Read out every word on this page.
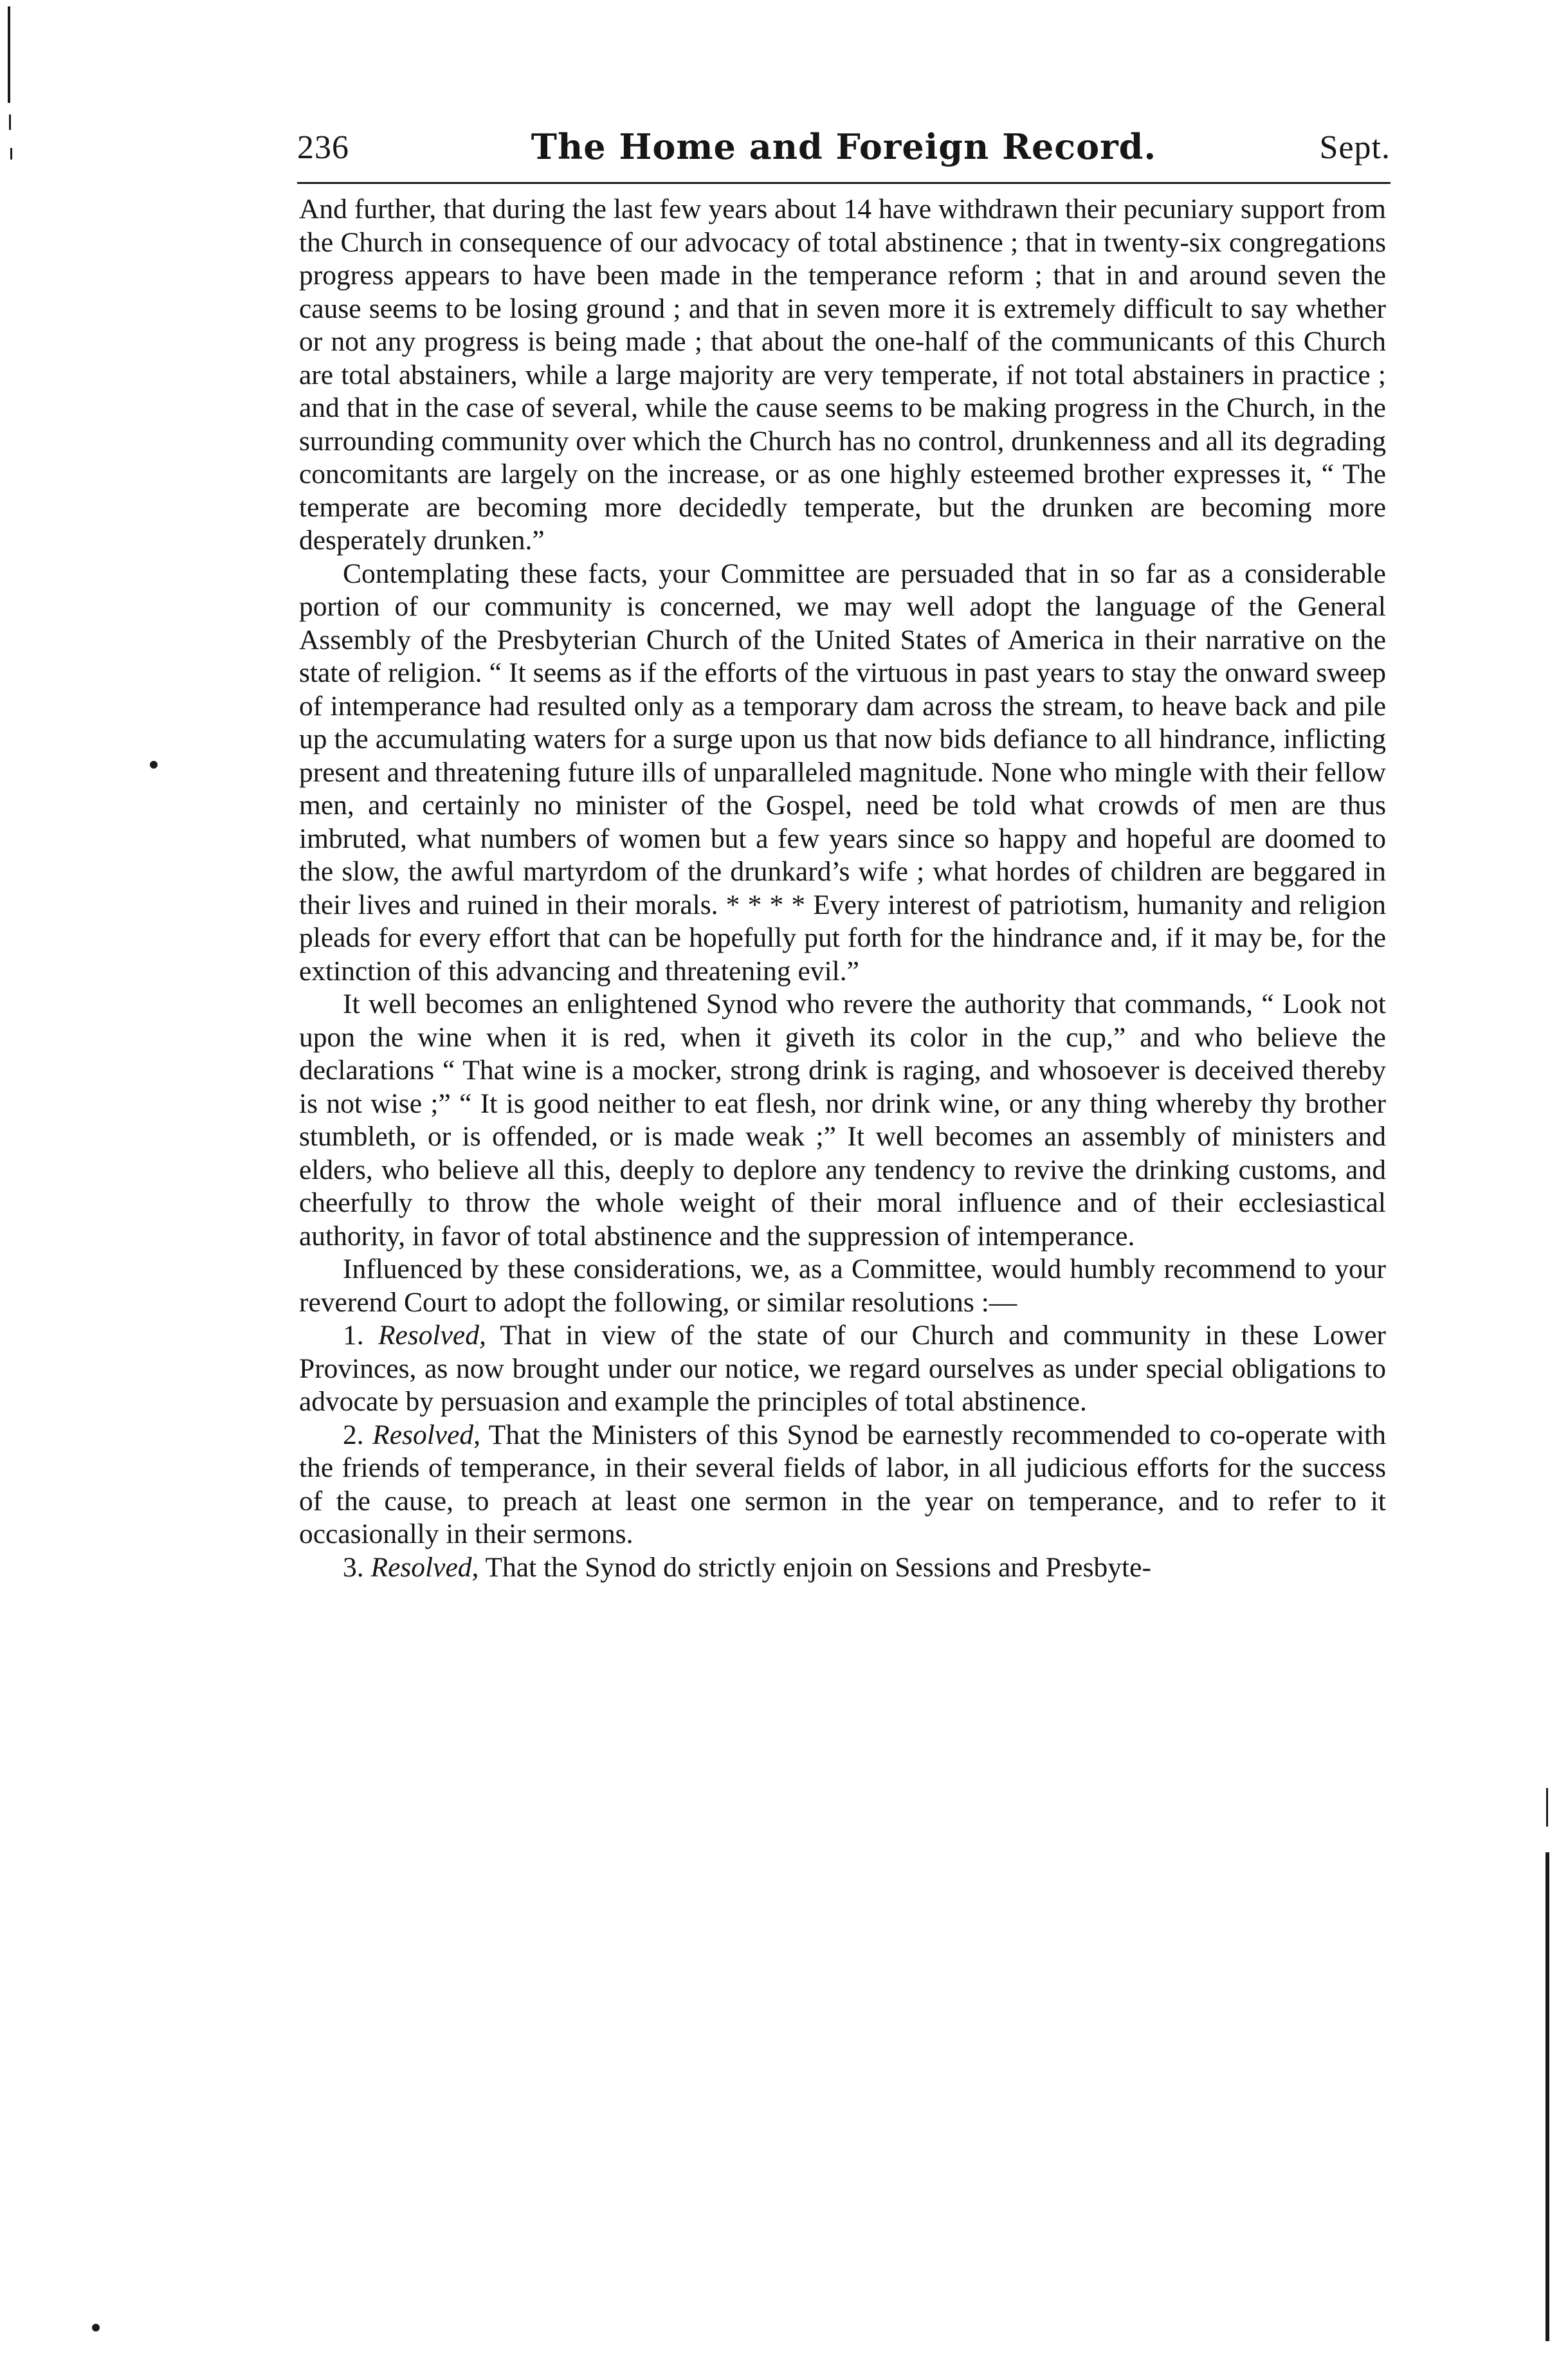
236	The Home and Foreign Record.	Sept.

And further, that during the last few years about 14 have withdrawn their pecuniary support from the Church in consequence of our advocacy of total abstinence ; that in twenty-six congregations progress appears to have been made in the temperance reform ; that in and around seven the cause seems to be losing ground ; and that in seven more it is extremely difficult to say whether or not any progress is being made ; that about the one-half of the communicants of this Church are total abstainers, while a large majority are very temperate, if not total abstainers in practice ; and that in the case of several, while the cause seems to be making progress in the Church, in the surrounding community over which the Church has no control, drunkenness and all its degrading concomitants are largely on the increase, or as one highly esteemed brother expresses it, “ The temperate are becoming more decidedly temperate, but the drunken are becoming more desperately drunken.”

Contemplating these facts, your Committee are persuaded that in so far as a considerable portion of our community is concerned, we may well adopt the language of the General Assembly of the Presbyterian Church of the United States of America in their narrative on the state of religion. “ It seems as if the efforts of the virtuous in past years to stay the onward sweep of intemperance had resulted only as a temporary dam across the stream, to heave back and pile up the accumulating waters for a surge upon us that now bids defiance to all hindrance, inflicting present and threatening future ills of unparalleled magnitude. None who mingle with their fellow men, and certainly no minister of the Gospel, need be told what crowds of men are thus imbruted, what numbers of women but a few years since so happy and hopeful are doomed to the slow, the awful martyrdom of the drunkard’s wife ; what hordes of children are beggared in their lives and ruined in their morals. * * * * Every interest of patriotism, humanity and religion pleads for every effort that can be hopefully put forth for the hindrance and, if it may be, for the extinction of this advancing and threatening evil.”

It well becomes an enlightened Synod who revere the authority that commands, “ Look not upon the wine when it is red, when it giveth its color in the cup,” and who believe the declarations “ That wine is a mocker, strong drink is raging, and whosoever is deceived thereby is not wise ;” “ It is good neither to eat flesh, nor drink wine, or any thing whereby thy brother stumbleth, or is offended, or is made weak ;” It well becomes an assembly of ministers and elders, who believe all this, deeply to deplore any tendency to revive the drinking customs, and cheerfully to throw the whole weight of their moral influence and of their ecclesiastical authority, in favor of total abstinence and the suppression of intemperance.

Influenced by these considerations, we, as a Committee, would humbly recommend to your reverend Court to adopt the following, or similar resolutions :—

1. Resolved, That in view of the state of our Church and community in these Lower Provinces, as now brought under our notice, we regard ourselves as under special obligations to advocate by persuasion and example the principles of total abstinence.

2. Resolved, That the Ministers of this Synod be earnestly recommended to co-operate with the friends of temperance, in their several fields of labor, in all judicious efforts for the success of the cause, to preach at least one sermon in the year on temperance, and to refer to it occasionally in their sermons.

3. Resolved, That the Synod do strictly enjoin on Sessions and Presbyte-
